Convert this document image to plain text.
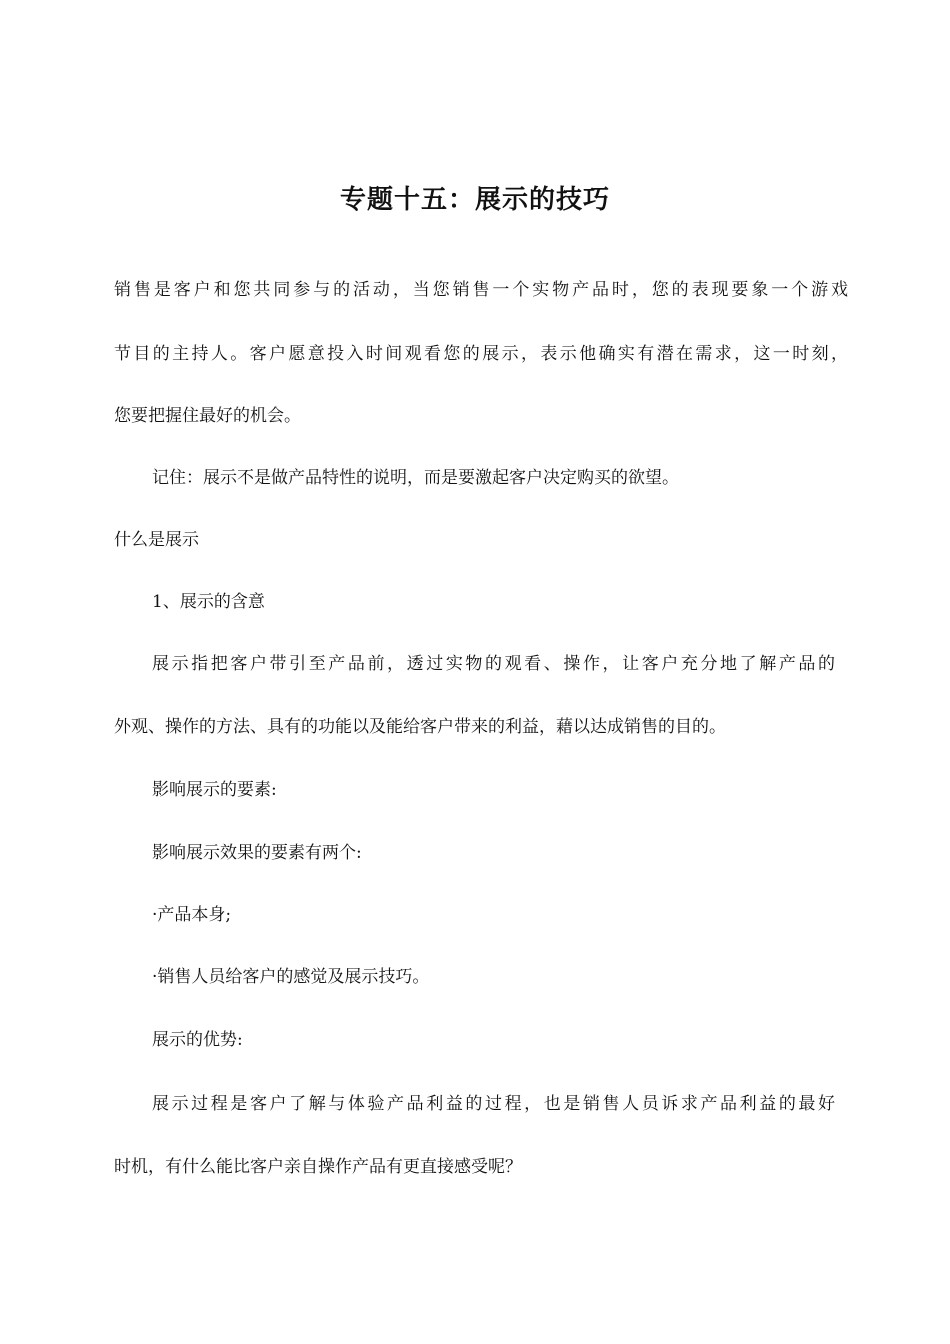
专题十五：展示的技巧
销售是客户和您共同参与的活动，当您销售一个实物产品时，您的表现要象一个游戏
节目的主持人。客户愿意投入时间观看您的展示，表示他确实有潜在需求，这一时刻，
您要把握住最好的机会。
记住：展示不是做产品特性的说明，而是要激起客户决定购买的欲望。
什么是展示
1、展示的含意
展示指把客户带引至产品前，透过实物的观看、操作，让客户充分地了解产品的
外观、操作的方法、具有的功能以及能给客户带来的利益，藉以达成销售的目的。
影响展示的要素:
影响展示效果的要素有两个:
·产品本身;
·销售人员给客户的感觉及展示技巧。
展示的优势:
展示过程是客户了解与体验产品利益的过程，也是销售人员诉求产品利益的最好
时机，有什么能比客户亲自操作产品有更直接感受呢？
